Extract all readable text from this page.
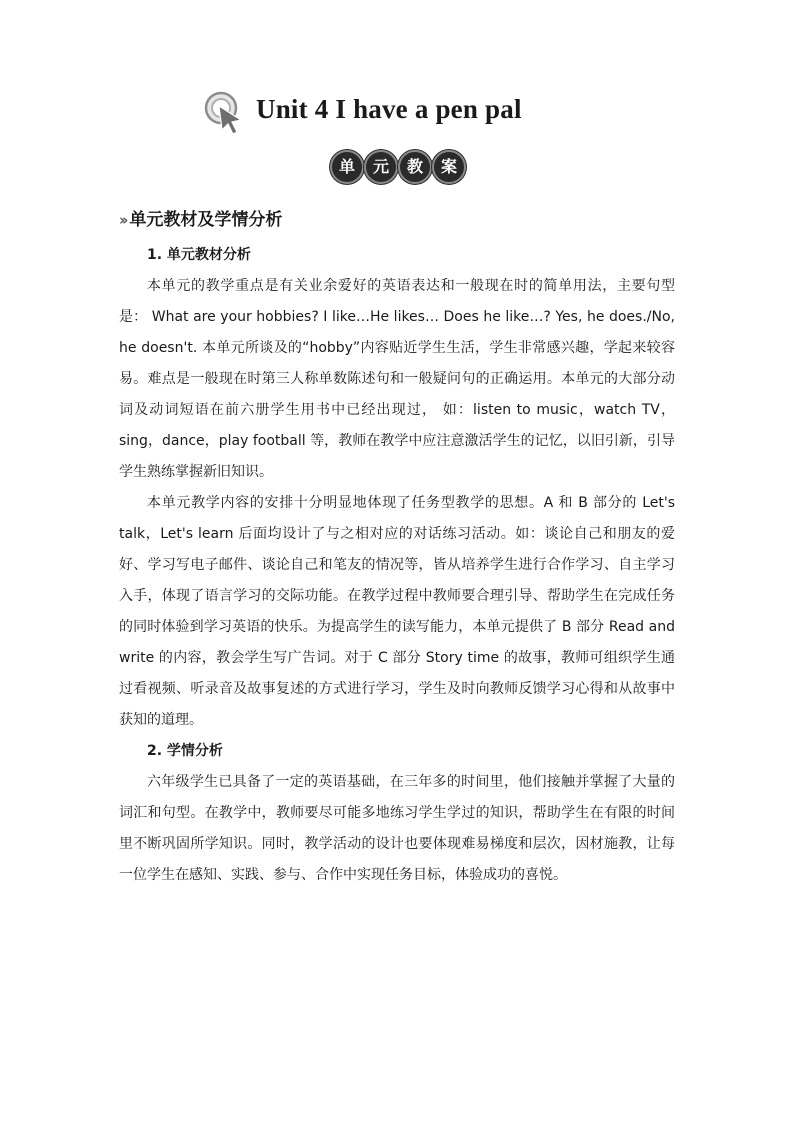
Unit 4 I have a pen pal
单	元	教	案
›› 单元教材及学情分析

1. 单元教材分析

本单元的教学重点是有关业余爱好的英语表达和一般现在时的简单用法，主要句型是： What are your hobbies? I like…He likes… Does he like…? Yes, he does./No, he doesn't. 本单元所谈及的“hobby”内容贴近学生生活，学生非常感兴趣，学起来较容易。难点是一般现在时第三人称单数陈述句和一般疑问句的正确运用。本单元的大部分动词及动词短语在前六册学生用书中已经出现过， 如：listen to music，watch TV，sing，dance，play football 等，教师在教学中应注意激活学生的记忆，以旧引新，引导学生熟练掌握新旧知识。

本单元教学内容的安排十分明显地体现了任务型教学的思想。A 和 B 部分的 Let's talk，Let's learn 后面均设计了与之相对应的对话练习活动。如：谈论自己和朋友的爱好、学习写电子邮件、谈论自己和笔友的情况等，皆从培养学生进行合作学习、自主学习入手，体现了语言学习的交际功能。在教学过程中教师要合理引导、帮助学生在完成任务的同时体验到学习英语的快乐。为提高学生的读写能力，本单元提供了 B 部分 Read and write 的内容，教会学生写广告词。对于 C 部分 Story time 的故事，教师可组织学生通过看视频、听录音及故事复述的方式进行学习，学生及时向教师反馈学习心得和从故事中获知的道理。

2. 学情分析

六年级学生已具备了一定的英语基础，在三年多的时间里，他们接触并掌握了大量的词汇和句型。在教学中，教师要尽可能多地练习学生学过的知识，帮助学生在有限的时间里不断巩固所学知识。同时，教学活动的设计也要体现难易梯度和层次，因材施教，让每一位学生在感知、实践、参与、合作中实现任务目标，体验成功的喜悦。
